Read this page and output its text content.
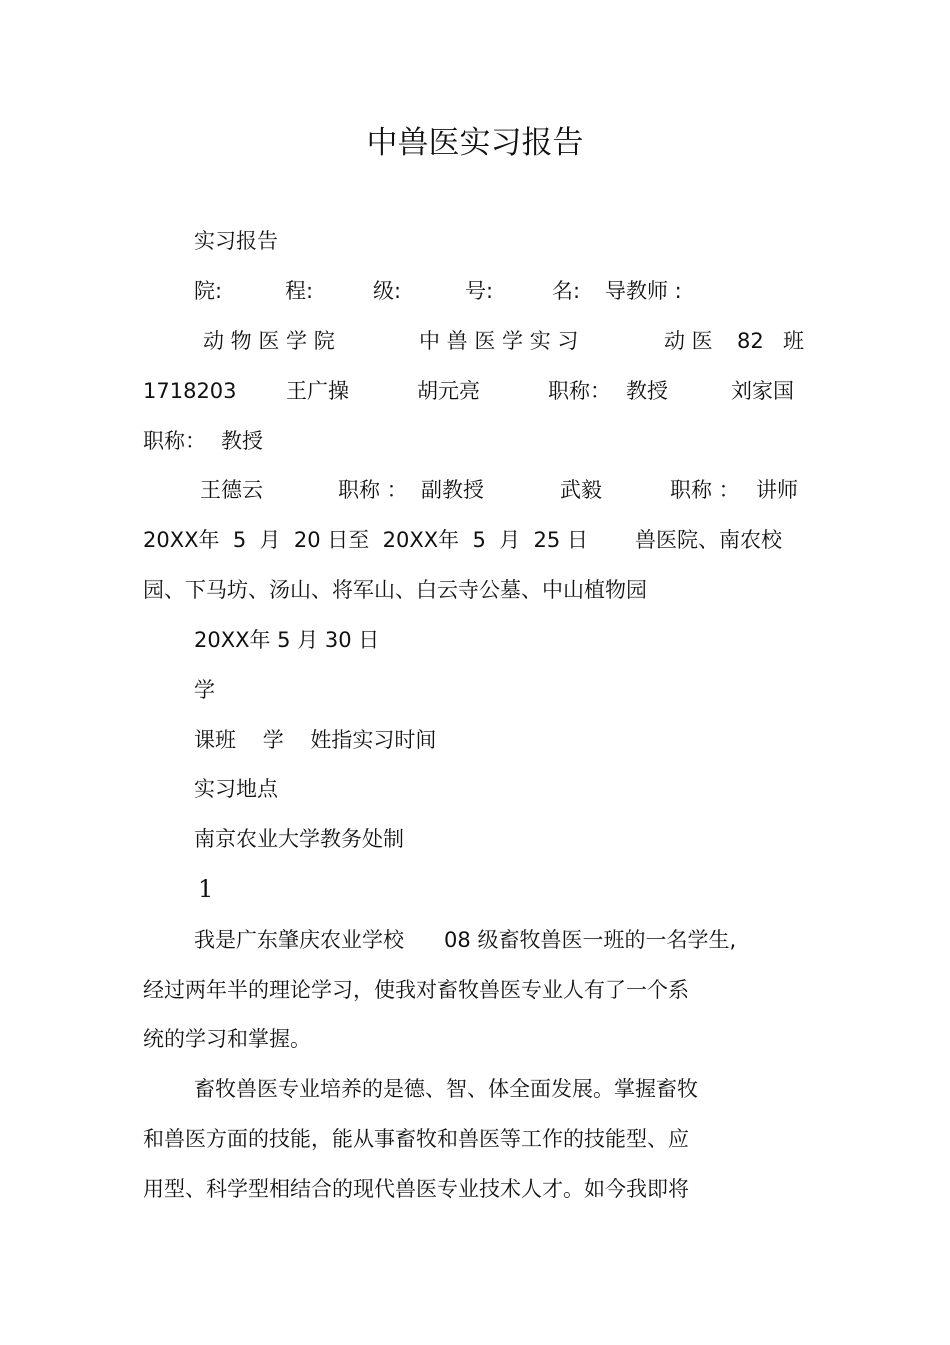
中兽医实习报告
实习报告
院:	程:	级:	号:	名: 导教师 :
动 物 医 学 院	中 兽 医 学 实 习	动 医 82 班
1718203 王广操	胡元亮	职称： 教授	刘家国
职称： 教授
王德云	职称 ： 副教授	武毅	职称 ： 讲师
20XX年  5  月  20 日至  20XX年  5  月  25 日 兽医院、南农校
园、下马坊、汤山、将军山、白云寺公墓、中山植物园
20XX年 5 月 30 日
学
课班    学    姓指实习时间
实习地点
南京农业大学教务处制
1
我是广东肇庆农业学校      08 级畜牧兽医一班的一名学生,
经过两年半的理论学习，使我对畜牧兽医专业人有了一个系
统的学习和掌握。
畜牧兽医专业培养的是德、智、体全面发展。掌握畜牧
和兽医方面的技能，能从事畜牧和兽医等工作的技能型、应
用型、科学型相结合的现代兽医专业技术人才。如今我即将
